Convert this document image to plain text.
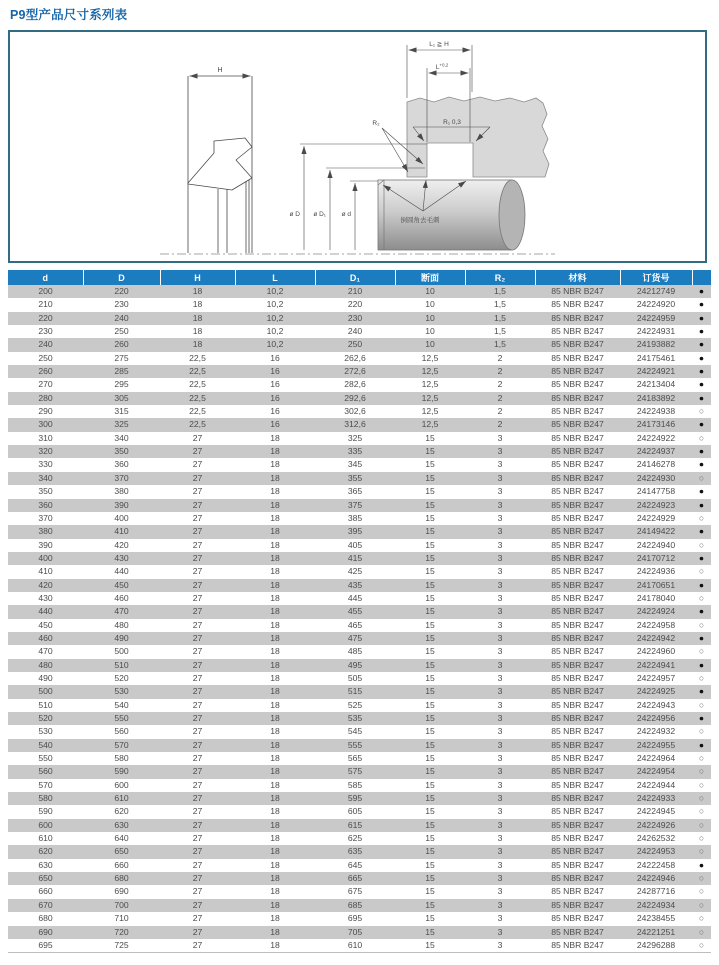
P9型产品尺寸系列表
H
L₁ ≧ H
$L^{+0,2}$
R₁ 0,3
R₂
ø D ø D₁ ø d
倒圆角去毛刺
d	D	H	L	D₁	断面	R₂	材料	订货号	
200	220	18	10,2	210	10	1,5	85 NBR B247	24212749	●
210	230	18	10,2	220	10	1,5	85 NBR B247	24224920	●
220	240	18	10,2	230	10	1,5	85 NBR B247	24224959	●
230	250	18	10,2	240	10	1,5	85 NBR B247	24224931	●
240	260	18	10,2	250	10	1,5	85 NBR B247	24193882	●
250	275	22,5	16	262,6	12,5	2	85 NBR B247	24175461	●
260	285	22,5	16	272,6	12,5	2	85 NBR B247	24224921	●
270	295	22,5	16	282,6	12,5	2	85 NBR B247	24213404	●
280	305	22,5	16	292,6	12,5	2	85 NBR B247	24183892	●
290	315	22,5	16	302,6	12,5	2	85 NBR B247	24224938	○
300	325	22,5	16	312,6	12,5	2	85 NBR B247	24173146	●
310	340	27	18	325	15	3	85 NBR B247	24224922	○
320	350	27	18	335	15	3	85 NBR B247	24224937	●
330	360	27	18	345	15	3	85 NBR B247	24146278	●
340	370	27	18	355	15	3	85 NBR B247	24224930	○
350	380	27	18	365	15	3	85 NBR B247	24147758	●
360	390	27	18	375	15	3	85 NBR B247	24224923	●
370	400	27	18	385	15	3	85 NBR B247	24224929	○
380	410	27	18	395	15	3	85 NBR B247	24149422	●
390	420	27	18	405	15	3	85 NBR B247	24224940	○
400	430	27	18	415	15	3	85 NBR B247	24170712	●
410	440	27	18	425	15	3	85 NBR B247	24224936	○
420	450	27	18	435	15	3	85 NBR B247	24170651	●
430	460	27	18	445	15	3	85 NBR B247	24178040	○
440	470	27	18	455	15	3	85 NBR B247	24224924	●
450	480	27	18	465	15	3	85 NBR B247	24224958	○
460	490	27	18	475	15	3	85 NBR B247	24224942	●
470	500	27	18	485	15	3	85 NBR B247	24224960	○
480	510	27	18	495	15	3	85 NBR B247	24224941	●
490	520	27	18	505	15	3	85 NBR B247	24224957	○
500	530	27	18	515	15	3	85 NBR B247	24224925	●
510	540	27	18	525	15	3	85 NBR B247	24224943	○
520	550	27	18	535	15	3	85 NBR B247	24224956	●
530	560	27	18	545	15	3	85 NBR B247	24224932	○
540	570	27	18	555	15	3	85 NBR B247	24224955	●
550	580	27	18	565	15	3	85 NBR B247	24224964	○
560	590	27	18	575	15	3	85 NBR B247	24224954	○
570	600	27	18	585	15	3	85 NBR B247	24224944	○
580	610	27	18	595	15	3	85 NBR B247	24224933	○
590	620	27	18	605	15	3	85 NBR B247	24224945	○
600	630	27	18	615	15	3	85 NBR B247	24224926	○
610	640	27	18	625	15	3	85 NBR B247	24262532	○
620	650	27	18	635	15	3	85 NBR B247	24224953	○
630	660	27	18	645	15	3	85 NBR B247	24222458	●
650	680	27	18	665	15	3	85 NBR B247	24224946	○
660	690	27	18	675	15	3	85 NBR B247	24287716	○
670	700	27	18	685	15	3	85 NBR B247	24224934	○
680	710	27	18	695	15	3	85 NBR B247	24238455	○
690	720	27	18	705	15	3	85 NBR B247	24221251	○
695	725	27	18	610	15	3	85 NBR B247	24296288	○
